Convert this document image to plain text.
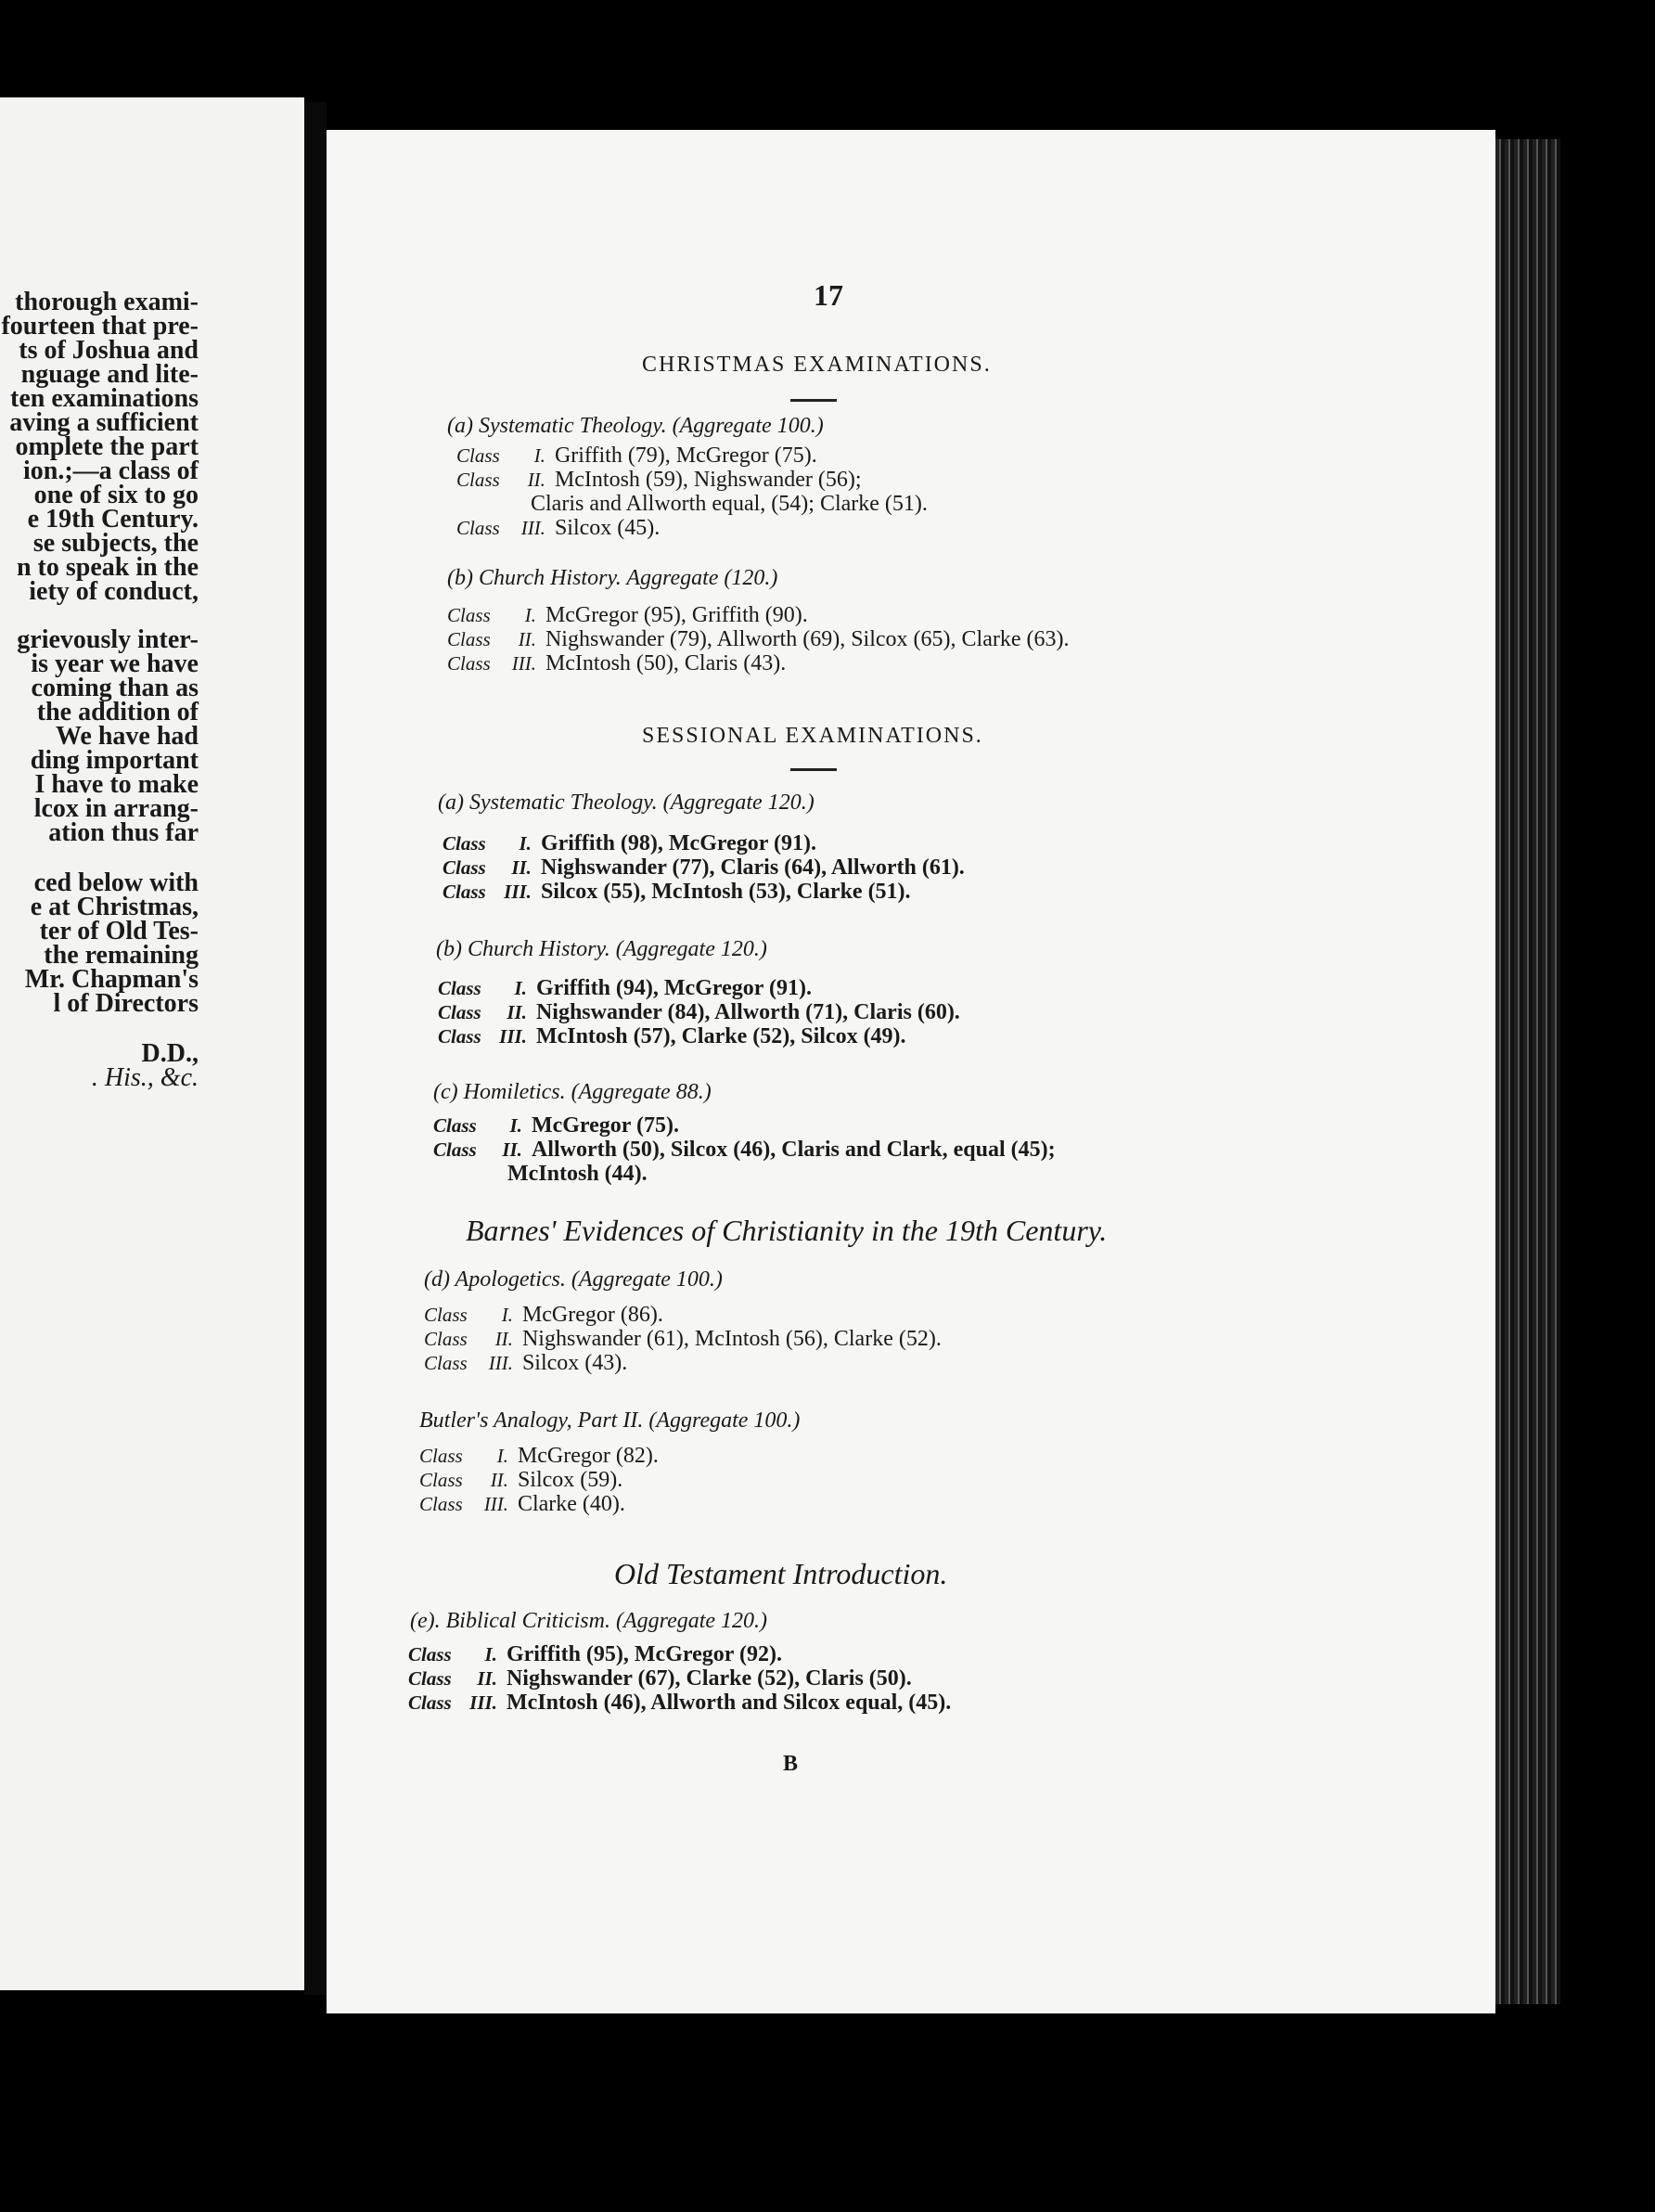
thorough exami-
fourteen that pre-
ts of Joshua and
nguage and lite-
ten examinations
aving a sufficient
omplete the part
ion.;—a class of
one of six to go
e 19th Century.
se subjects, the
n to speak in the
iety of conduct,
grievously inter-
is year we have
coming than as
the addition of
We have had
ding important
I have to make
lcox in arrang-
ation thus far
ced below with
e at Christmas,
ter of Old Tes-
the remaining
Mr. Chapman's
l of Directors
D.D.,
. His., &c.
17
CHRISTMAS EXAMINATIONS.
(a) Systematic Theology. (Aggregate 100.)
Class I. Griffith (79), McGregor (75).
Class II. McIntosh (59), Nighswander (56);
Claris and Allworth equal, (54); Clarke (51).
Class III. Silcox (45).
(b) Church History. Aggregate (120.)
Class I. McGregor (95), Griffith (90).
Class II. Nighswander (79), Allworth (69), Silcox (65), Clarke (63).
Class III. McIntosh (50), Claris (43).
SESSIONAL EXAMINATIONS.
(a) Systematic Theology. (Aggregate 120.)
Class I. Griffith (98), McGregor (91).
Class II. Nighswander (77), Claris (64), Allworth (61).
Class III. Silcox (55), McIntosh (53), Clarke (51).
(b) Church History. (Aggregate 120.)
Class I. Griffith (94), McGregor (91).
Class II. Nighswander (84), Allworth (71), Claris (60).
Class III. McIntosh (57), Clarke (52), Silcox (49).
(c) Homiletics. (Aggregate 88.)
Class I. McGregor (75).
Class II. Allworth (50), Silcox (46), Claris and Clark, equal (45);
McIntosh (44).
Barnes' Evidences of Christianity in the 19th Century.
(d) Apologetics. (Aggregate 100.)
Class I. McGregor (86).
Class II. Nighswander (61), McIntosh (56), Clarke (52).
Class III. Silcox (43).
Butler's Analogy, Part II. (Aggregate 100.)
Class I. McGregor (82).
Class II. Silcox (59).
Class III. Clarke (40).
Old Testament Introduction.
(e). Biblical Criticism. (Aggregate 120.)
Class I. Griffith (95), McGregor (92).
Class II. Nighswander (67), Clarke (52), Claris (50).
Class III. McIntosh (46), Allworth and Silcox equal, (45).
B
